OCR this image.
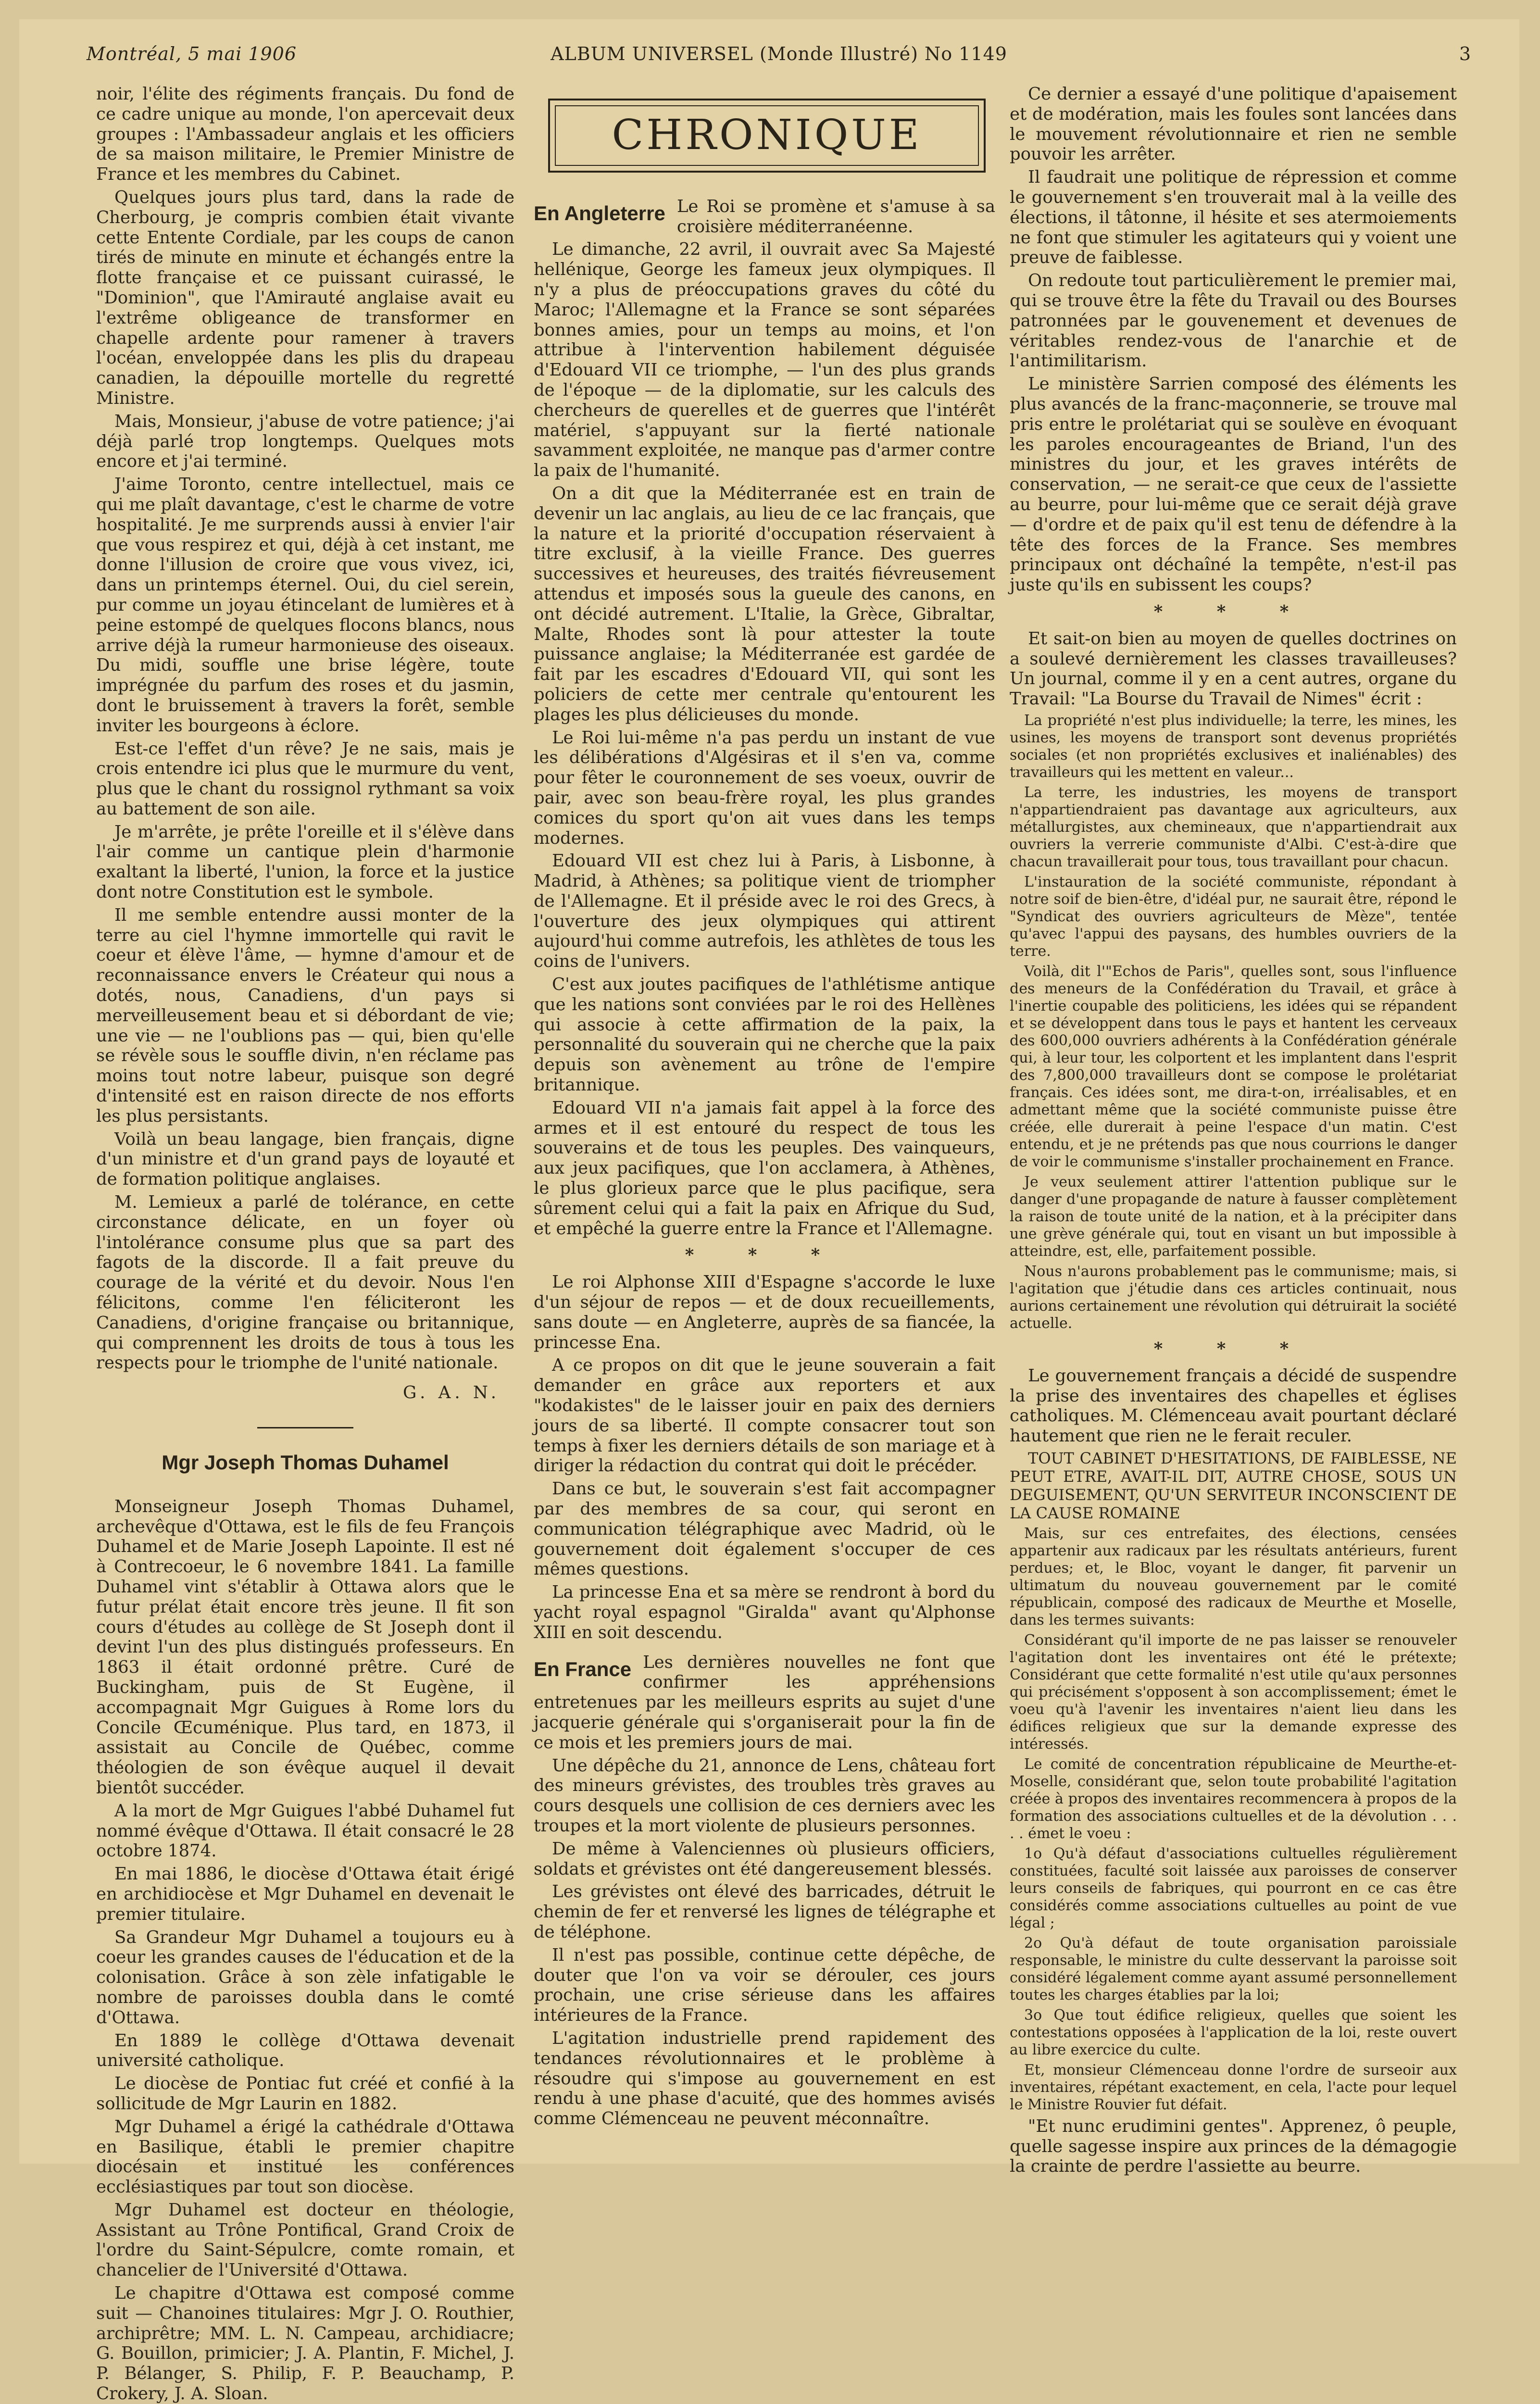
Montréal, 5 mai 1906	ALBUM UNIVERSEL (Monde Illustré) No 1149	3

noir, l'élite des régiments français. Du fond de ce cadre unique au monde, l'on apercevait deux groupes : l'Ambassadeur anglais et les officiers de sa maison militaire, le Premier Ministre de France et les membres du Cabinet.

Quelques jours plus tard, dans la rade de Cherbourg, je compris combien était vivante cette Entente Cordiale, par les coups de canon tirés de minute en minute et échangés entre la flotte française et ce puissant cuirassé, le "Dominion", que l'Amirauté anglaise avait eu l'extrême obligeance de transformer en chapelle ardente pour ramener à travers l'océan, enveloppée dans les plis du drapeau canadien, la dépouille mortelle du regretté Ministre.

Mais, Monsieur, j'abuse de votre patience; j'ai déjà parlé trop longtemps. Quelques mots encore et j'ai terminé.

J'aime Toronto, centre intellectuel, mais ce qui me plaît davantage, c'est le charme de votre hospitalité. Je me surprends aussi à envier l'air que vous respirez et qui, déjà à cet instant, me donne l'illusion de croire que vous vivez, ici, dans un printemps éternel. Oui, du ciel serein, pur comme un joyau étincelant de lumières et à peine estompé de quelques flocons blancs, nous arrive déjà la rumeur harmonieuse des oiseaux. Du midi, souffle une brise légère, toute imprégnée du parfum des roses et du jasmin, dont le bruissement à travers la forêt, semble inviter les bourgeons à éclore.

Est-ce l'effet d'un rêve? Je ne sais, mais je crois entendre ici plus que le murmure du vent, plus que le chant du rossignol rythmant sa voix au battement de son aile.

Je m'arrête, je prête l'oreille et il s'élève dans l'air comme un cantique plein d'harmonie exaltant la liberté, l'union, la force et la justice dont notre Constitution est le symbole.

Il me semble entendre aussi monter de la terre au ciel l'hymne immortelle qui ravit le coeur et élève l'âme, — hymne d'amour et de reconnaissance envers le Créateur qui nous a dotés, nous, Canadiens, d'un pays si merveilleusement beau et si débordant de vie; une vie — ne l'oublions pas — qui, bien qu'elle se révèle sous le souffle divin, n'en réclame pas moins tout notre labeur, puisque son degré d'intensité est en raison directe de nos efforts les plus persistants.

Voilà un beau langage, bien français, digne d'un ministre et d'un grand pays de loyauté et de formation politique anglaises.

M. Lemieux a parlé de tolérance, en cette circonstance délicate, en un foyer où l'intolérance consume plus que sa part des fagots de la discorde. Il a fait preuve du courage de la vérité et du devoir. Nous l'en félicitons, comme l'en féliciteront les Canadiens, d'origine française ou britannique, qui comprennent les droits de tous à tous les respects pour le triomphe de l'unité nationale.

G. A. N.
Mgr Joseph Thomas Duhamel

Monseigneur Joseph Thomas Duhamel, archevêque d'Ottawa, est le fils de feu François Duhamel et de Marie Joseph Lapointe. Il est né à Contrecoeur, le 6 novembre 1841. La famille Duhamel vint s'établir à Ottawa alors que le futur prélat était encore très jeune. Il fit son cours d'études au collège de St Joseph dont il devint l'un des plus distingués professeurs. En 1863 il était ordonné prêtre. Curé de Buckingham, puis de St Eugène, il accompagnait Mgr Guigues à Rome lors du Concile Œcuménique. Plus tard, en 1873, il assistait au Concile de Québec, comme théologien de son évêque auquel il devait bientôt succéder.

A la mort de Mgr Guigues l'abbé Duhamel fut nommé évêque d'Ottawa. Il était consacré le 28 octobre 1874.

En mai 1886, le diocèse d'Ottawa était érigé en archidiocèse et Mgr Duhamel en devenait le premier titulaire.

Sa Grandeur Mgr Duhamel a toujours eu à coeur les grandes causes de l'éducation et de la colonisation. Grâce à son zèle infatigable le nombre de paroisses doubla dans le comté d'Ottawa.

En 1889 le collège d'Ottawa devenait université catholique.

Le diocèse de Pontiac fut créé et confié à la sollicitude de Mgr Laurin en 1882.

Mgr Duhamel a érigé la cathédrale d'Ottawa en Basilique, établi le premier chapitre diocésain et institué les conférences ecclésiastiques par tout son diocèse.

Mgr Duhamel est docteur en théologie, Assistant au Trône Pontifical, Grand Croix de l'ordre du Saint-Sépulcre, comte romain, et chancelier de l'Université d'Ottawa.

Le chapitre d'Ottawa est composé comme suit — Chanoines titulaires: Mgr J. O. Routhier, archiprêtre; MM. L. N. Campeau, archidiacre; G. Bouillon, primicier; J. A. Plantin, F. Michel, J. P. Bélanger, S. Philip, F. P. Beauchamp, P. Crokery, J. A. Sloan.

CHRONIQUE
En Angleterre Le Roi se promène et s'amuse à sa croisière méditerranéenne.

Le dimanche, 22 avril, il ouvrait avec Sa Majesté hellénique, George les fameux jeux olympiques. Il n'y a plus de préoccupations graves du côté du Maroc; l'Allemagne et la France se sont séparées bonnes amies, pour un temps au moins, et l'on attribue à l'intervention habilement déguisée d'Edouard VII ce triomphe, — l'un des plus grands de l'époque — de la diplomatie, sur les calculs des chercheurs de querelles et de guerres que l'intérêt matériel, s'appuyant sur la fierté nationale savamment exploitée, ne manque pas d'armer contre la paix de l'humanité.

On a dit que la Méditerranée est en train de devenir un lac anglais, au lieu de ce lac français, que la nature et la priorité d'occupation réservaient à titre exclusif, à la vieille France. Des guerres successives et heureuses, des traités fiévreusement attendus et imposés sous la gueule des canons, en ont décidé autrement. L'Italie, la Grèce, Gibraltar, Malte, Rhodes sont là pour attester la toute puissance anglaise; la Méditerranée est gardée de fait par les escadres d'Edouard VII, qui sont les policiers de cette mer centrale qu'entourent les plages les plus délicieuses du monde.

Le Roi lui-même n'a pas perdu un instant de vue les délibérations d'Algésiras et il s'en va, comme pour fêter le couronnement de ses voeux, ouvrir de pair, avec son beau-frère royal, les plus grandes comices du sport qu'on ait vues dans les temps modernes.

Edouard VII est chez lui à Paris, à Lisbonne, à Madrid, à Athènes; sa politique vient de triompher de l'Allemagne. Et il préside avec le roi des Grecs, à l'ouverture des jeux olympiques qui attirent aujourd'hui comme autrefois, les athlètes de tous les coins de l'univers.

C'est aux joutes pacifiques de l'athlétisme antique que les nations sont conviées par le roi des Hellènes qui associe à cette affirmation de la paix, la personnalité du souverain qui ne cherche que la paix depuis son avènement au trône de l'empire britannique.

Edouard VII n'a jamais fait appel à la force des armes et il est entouré du respect de tous les souverains et de tous les peuples. Des vainqueurs, aux jeux pacifiques, que l'on acclamera, à Athènes, le plus glorieux parce que le plus pacifique, sera sûrement celui qui a fait la paix en Afrique du Sud, et empêché la guerre entre la France et l'Allemagne.

* * *

Le roi Alphonse XIII d'Espagne s'accorde le luxe d'un séjour de repos — et de doux recueillements, sans doute — en Angleterre, auprès de sa fiancée, la princesse Ena.

A ce propos on dit que le jeune souverain a fait demander en grâce aux reporters et aux "kodakistes" de le laisser jouir en paix des derniers jours de sa liberté. Il compte consacrer tout son temps à fixer les derniers détails de son mariage et à diriger la rédaction du contrat qui doit le précéder.

Dans ce but, le souverain s'est fait accompagner par des membres de sa cour, qui seront en communication télégraphique avec Madrid, où le gouvernement doit également s'occuper de ces mêmes questions.

La princesse Ena et sa mère se rendront à bord du yacht royal espagnol "Giralda" avant qu'Alphonse XIII en soit descendu.

En France Les dernières nouvelles ne font que confirmer les appréhensions entretenues par les meilleurs esprits au sujet d'une jacquerie générale qui s'organiserait pour la fin de ce mois et les premiers jours de mai.

Une dépêche du 21, annonce de Lens, château fort des mineurs grévistes, des troubles très graves au cours desquels une collision de ces derniers avec les troupes et la mort violente de plusieurs personnes.

De même à Valenciennes où plusieurs officiers, soldats et grévistes ont été dangereusement blessés.

Les grévistes ont élevé des barricades, détruit le chemin de fer et renversé les lignes de télégraphe et de téléphone.

Il n'est pas possible, continue cette dépêche, de douter que l'on va voir se dérouler, ces jours prochain, une crise sérieuse dans les affaires intérieures de la France.

L'agitation industrielle prend rapidement des tendances révolutionnaires et le problème à résoudre qui s'impose au gouvernement en est rendu à une phase d'acuité, que des hommes avisés comme Clémenceau ne peuvent méconnaître.

Ce dernier a essayé d'une politique d'apaisement et de modération, mais les foules sont lancées dans le mouvement révolutionnaire et rien ne semble pouvoir les arrêter.

Il faudrait une politique de répression et comme le gouvernement s'en trouverait mal à la veille des élections, il tâtonne, il hésite et ses atermoiements ne font que stimuler les agitateurs qui y voient une preuve de faiblesse.

On redoute tout particulièrement le premier mai, qui se trouve être la fête du Travail ou des Bourses patronnées par le gouvenement et devenues de véritables rendez-vous de l'anarchie et de l'antimilitarism.

Le ministère Sarrien composé des éléments les plus avancés de la franc-maçonnerie, se trouve mal pris entre le prolétariat qui se soulève en évoquant les paroles encourageantes de Briand, l'un des ministres du jour, et les graves intérêts de conservation, — ne serait-ce que ceux de l'assiette au beurre, pour lui-même que ce serait déjà grave — d'ordre et de paix qu'il est tenu de défendre à la tête des forces de la France. Ses membres principaux ont déchaîné la tempête, n'est-il pas juste qu'ils en subissent les coups?

* * *

Et sait-on bien au moyen de quelles doctrines on a soulevé dernièrement les classes travailleuses? Un journal, comme il y en a cent autres, organe du Travail: "La Bourse du Travail de Nimes" écrit :

La propriété n'est plus individuelle; la terre, les mines, les usines, les moyens de transport sont devenus propriétés sociales (et non propriétés exclusives et inaliénables) des travailleurs qui les mettent en valeur...

La terre, les industries, les moyens de transport n'appartiendraient pas davantage aux agriculteurs, aux métallurgistes, aux chemineaux, que n'appartiendrait aux ouvriers la verrerie communiste d'Albi. C'est-à-dire que chacun travaillerait pour tous, tous travaillant pour chacun.

L'instauration de la société communiste, répondant à notre soif de bien-être, d'idéal pur, ne saurait être, répond le "Syndicat des ouvriers agriculteurs de Mèze", tentée qu'avec l'appui des paysans, des humbles ouvriers de la terre.

Voilà, dit l'"Echos de Paris", quelles sont, sous l'influence des meneurs de la Confédération du Travail, et grâce à l'inertie coupable des politiciens, les idées qui se répandent et se développent dans tous le pays et hantent les cerveaux des 600,000 ouvriers adhérents à la Confédération générale qui, à leur tour, les colportent et les implantent dans l'esprit des 7,800,000 travailleurs dont se compose le prolétariat français. Ces idées sont, me dira-t-on, irréalisables, et en admettant même que la société communiste puisse être créée, elle durerait à peine l'espace d'un matin. C'est entendu, et je ne prétends pas que nous courrions le danger de voir le communisme s'installer prochainement en France.

Je veux seulement attirer l'attention publique sur le danger d'une propagande de nature à fausser complètement la raison de toute unité de la nation, et à la précipiter dans une grève générale qui, tout en visant un but impossible à atteindre, est, elle, parfaitement possible.

Nous n'aurons probablement pas le communisme; mais, si l'agitation que j'étudie dans ces articles continuait, nous aurions certainement une révolution qui détruirait la société actuelle.

* * *

Le gouvernement français a décidé de suspendre la prise des inventaires des chapelles et églises catholiques. M. Clémenceau avait pourtant déclaré hautement que rien ne le ferait reculer.

TOUT CABINET D'HESITATIONS, DE FAIBLESSE, NE PEUT ETRE, AVAIT-IL DIT, AUTRE CHOSE, SOUS UN DEGUISEMENT, QU'UN SERVITEUR INCONSCIENT DE LA CAUSE ROMAINE

Mais, sur ces entrefaites, des élections, censées appartenir aux radicaux par les résultats antérieurs, furent perdues; et, le Bloc, voyant le danger, fit parvenir un ultimatum du nouveau gouvernement par le comité républicain, composé des radicaux de Meurthe et Moselle, dans les termes suivants:

Considérant qu'il importe de ne pas laisser se renouveler l'agitation dont les inventaires ont été le prétexte; Considérant que cette formalité n'est utile qu'aux personnes qui précisément s'opposent à son accomplissement; émet le voeu qu'à l'avenir les inventaires n'aient lieu dans les édifices religieux que sur la demande expresse des intéressés.

Le comité de concentration républicaine de Meurthe-et-Moselle, considérant que, selon toute probabilité l'agitation créée à propos des inventaires recommencera à propos de la formation des associations cultuelles et de la dévolution . . . . . émet le voeu :

1o Qu'à défaut d'associations cultuelles régulièrement constituées, faculté soit laissée aux paroisses de conserver leurs conseils de fabriques, qui pourront en ce cas être considérés comme associations cultuelles au point de vue légal ;

2o Qu'à défaut de toute organisation paroissiale responsable, le ministre du culte desservant la paroisse soit considéré légalement comme ayant assumé personnellement toutes les charges établies par la loi;

3o Que tout édifice religieux, quelles que soient les contestations opposées à l'application de la loi, reste ouvert au libre exercice du culte.

Et, monsieur Clémenceau donne l'ordre de surseoir aux inventaires, répétant exactement, en cela, l'acte pour lequel le Ministre Rouvier fut défait.

"Et nunc erudimini gentes". Apprenez, ô peuple, quelle sagesse inspire aux princes de la démagogie la crainte de perdre l'assiette au beurre.
